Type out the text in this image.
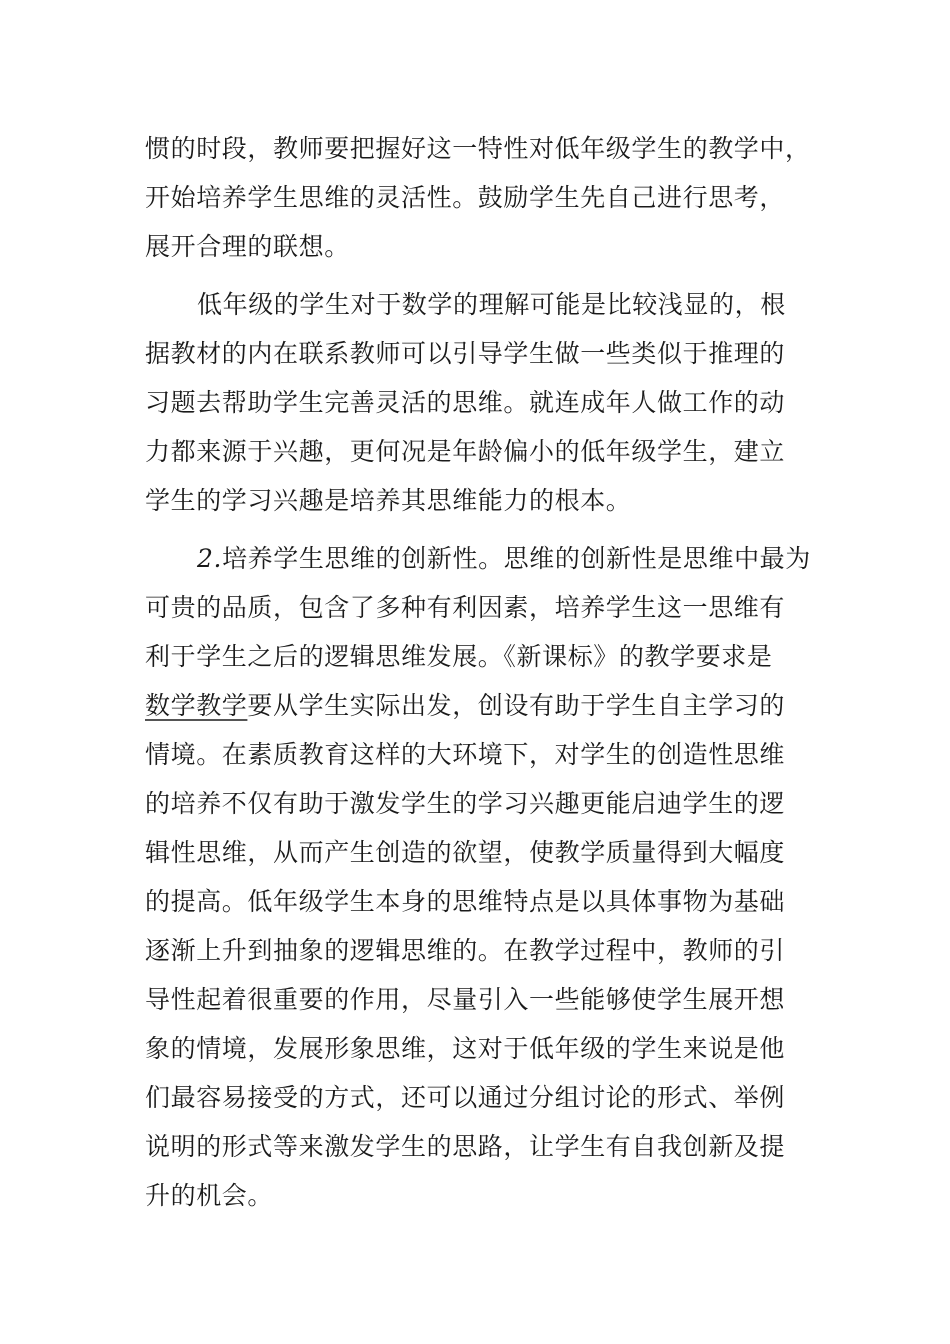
惯的时段，教师要把握好这一特性对低年级学生的教学中，
开始培养学生思维的灵活性。鼓励学生先自己进行思考，
展开合理的联想。
低年级的学生对于数学的理解可能是比较浅显的，根
据教材的内在联系教师可以引导学生做一些类似于推理的
习题去帮助学生完善灵活的思维。就连成年人做工作的动
力都来源于兴趣，更何况是年龄偏小的低年级学生，建立
学生的学习兴趣是培养其思维能力的根本。
2.培养学生思维的创新性。思维的创新性是思维中最为
可贵的品质，包含了多种有利因素，培养学生这一思维有
利于学生之后的逻辑思维发展。《新课标》的教学要求是
数学教学要从学生实际出发，创设有助于学生自主学习的
情境。在素质教育这样的大环境下，对学生的创造性思维
的培养不仅有助于激发学生的学习兴趣更能启迪学生的逻
辑性思维，从而产生创造的欲望，使教学质量得到大幅度
的提高。低年级学生本身的思维特点是以具体事物为基础
逐渐上升到抽象的逻辑思维的。在教学过程中，教师的引
导性起着很重要的作用，尽量引入一些能够使学生展开想
象的情境，发展形象思维，这对于低年级的学生来说是他
们最容易接受的方式，还可以通过分组讨论的形式、举例
说明的形式等来激发学生的思路，让学生有自我创新及提
升的机会。
